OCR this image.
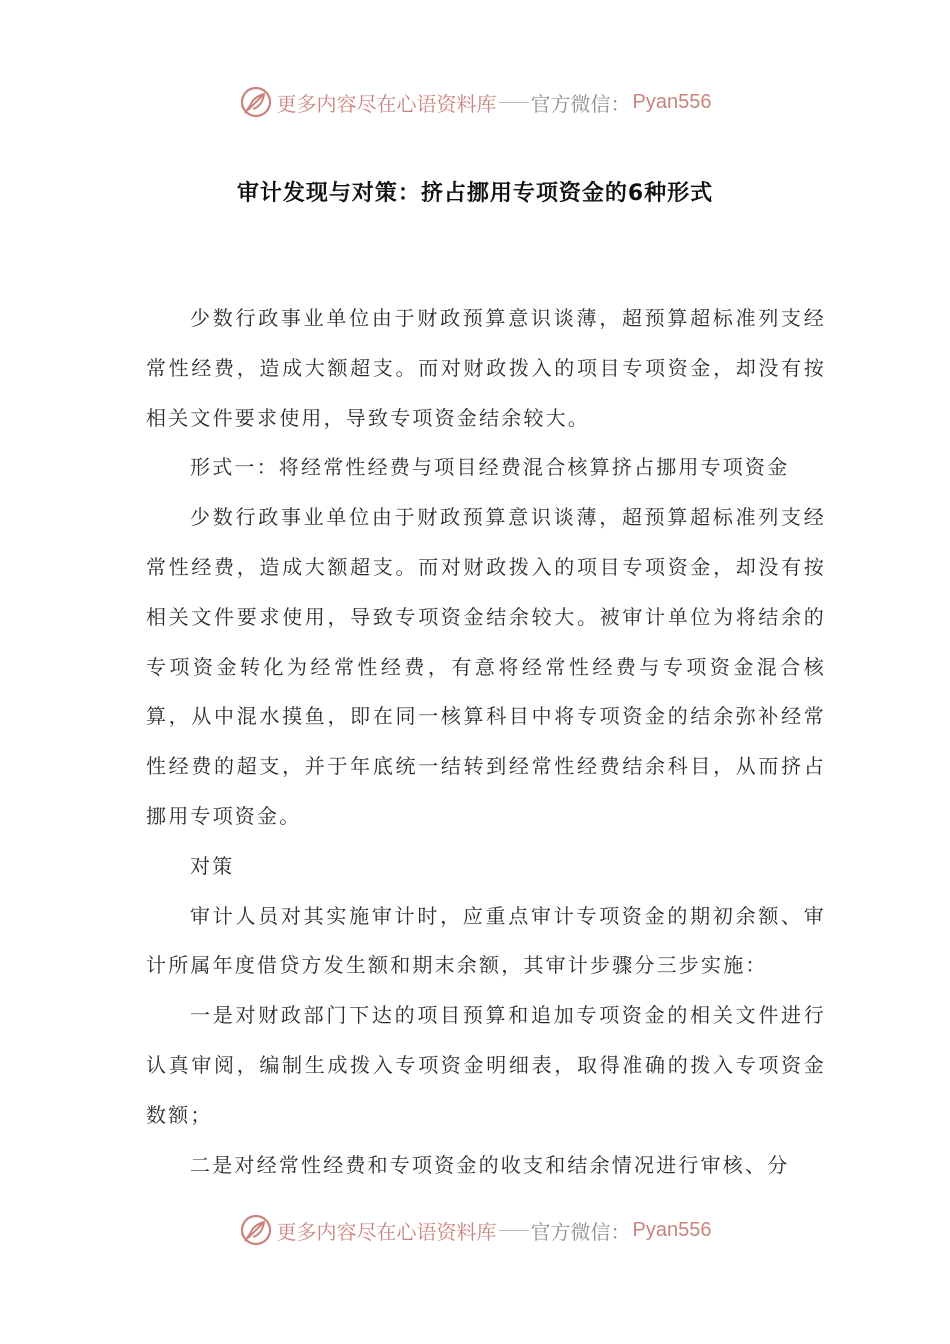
更多内容尽在心语资料库 官方微信： Pyan556
审计发现与对策：挤占挪用专项资金的6种形式

少数行政事业单位由于财政预算意识谈薄，超预算超标准列支经常性经费，造成大额超支。而对财政拨入的项目专项资金，却没有按相关文件要求使用，导致专项资金结余较大。

形式一：将经常性经费与项目经费混合核算挤占挪用专项资金

少数行政事业单位由于财政预算意识谈薄，超预算超标准列支经常性经费，造成大额超支。而对财政拨入的项目专项资金，却没有按相关文件要求使用，导致专项资金结余较大。被审计单位为将结余的专项资金转化为经常性经费，有意将经常性经费与专项资金混合核算，从中混水摸鱼，即在同一核算科目中将专项资金的结余弥补经常性经费的超支，并于年底统一结转到经常性经费结余科目，从而挤占挪用专项资金。

对策

审计人员对其实施审计时，应重点审计专项资金的期初余额、审计所属年度借贷方发生额和期末余额，其审计步骤分三步实施：

一是对财政部门下达的项目预算和追加专项资金的相关文件进行认真审阅，编制生成拨入专项资金明细表，取得准确的拨入专项资金数额；

二是对经常性经费和专项资金的收支和结余情况进行审核、分

更多内容尽在心语资料库 官方微信： Pyan556
